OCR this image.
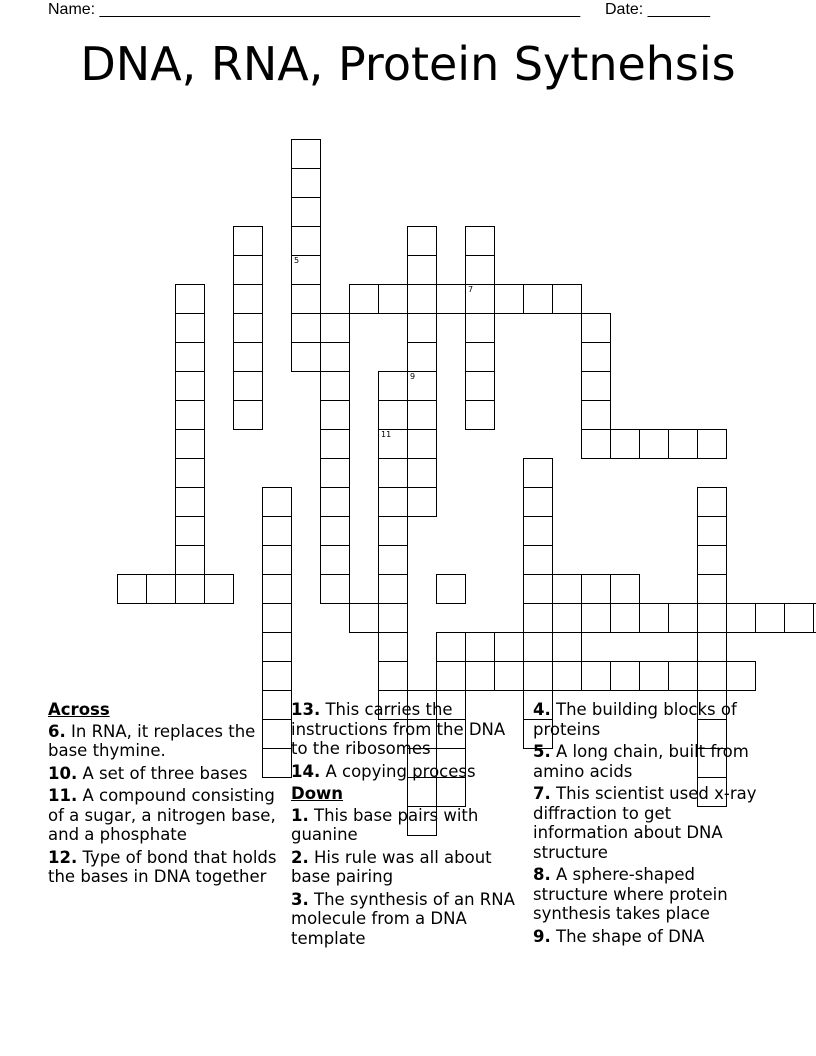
Name: ______________________________________________________ Date: _______
DNA, RNA, Protein Sytnehsis
5
9
7
11
Across
6. In RNA, it replaces the base thymine.
10. A set of three bases
11. A compound consisting of a sugar, a nitrogen base, and a phosphate
12. Type of bond that holds the bases in DNA together
13. This carries the instructions from the DNA to the ribosomes
14. A copying process
Down
1. This base pairs with guanine
2. His rule was all about base pairing
3. The synthesis of an RNA molecule from a DNA template
4. The building blocks of proteins
5. A long chain, built from amino acids
7. This scientist used x-ray diffraction to get information about DNA structure
8. A sphere-shaped structure where protein synthesis takes place
9. The shape of DNA
